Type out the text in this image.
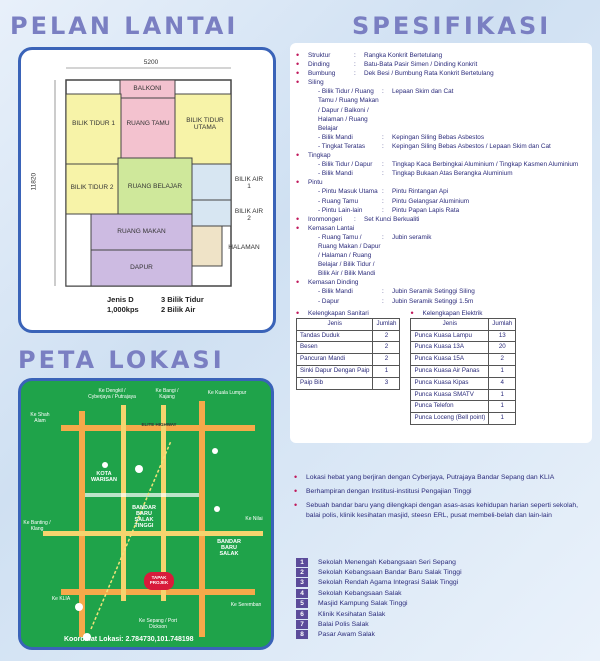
PELAN LANTAI	SPESIFIKASI
PETA LOKASI
5200
11820
BALKONI
BILIK TIDUR 1	RUANG TAMU	BILIK TIDUR UTAMA
BILIK TIDUR 2	RUANG BELAJAR
BILIK AIR 1
BILIK AIR 2
RUANG MAKAN
HALAMAN
DAPUR
Jenis D
1,000kps
3 Bilik Tidur
2 Bilik Air
•	Struktur	:	Rangka Konkrit Bertetulang
•	Dinding	:	Batu-Bata Pasir Simen / Dinding Konkrit
•	Bumbung	:	Dek Besi / Bumbung Rata Konkrit Bertetulang
•	Siling
- Bilik Tidur / Ruang Tamu / Ruang Makan / Dapur / Balkoni / Halaman / Ruang Belajar
:	Lepaan Skim dan Cat
- Bilik Mandi	:	Kepingan Siling Bebas Asbestos
- Tingkat Teratas	:	Kepingan Siling Bebas Asbestos / Lepaan Skim dan Cat
•	Tingkap
- Bilik Tidur / Dapur	:	Tingkap Kaca Berbingkai Aluminium / Tingkap Kasmen Aluminium
- Bilik Mandi	:	Tingkap Bukaan Atas Berangka Aluminium
•	Pintu
- Pintu Masuk Utama :	Pintu Rintangan Api
- Ruang Tamu	:	Pintu Gelangsar Aluminium
- Pintu Lain-lain	:	Pintu Papan Lapis Rata
•	Ironmongeri	:	Set Kunci Berkualiti
•	Kemasan Lantai
- Ruang Tamu / Ruang Makan / Dapur / Halaman / Ruang Belajar / Bilik Tidur / Bilik Air / Bilik Mandi
:	Jubin seramik
•	Kemasan Dinding
- Bilik Mandi	:	Jubin Seramik Setinggi Siling
- Dapur	:	Jubin Seramik Setinggi 1.5m
•	Kelengkapan Sanitari
Jenis	Jumlah
Tandas Duduk	2
Besen	2
Pancuran Mandi	2
Sinki Dapur Dengan Paip	1
Paip Bib	3
•	Kelengkapan Elektrik
Jenis	Jumlah
Punca Kuasa Lampu	13
Punca Kuasa 13A	20
Punca Kuasa 15A	2
Punca Kuasa Air Panas	1
Punca Kuasa Kipas	4
Punca Kuasa SMATV	1
Punca Telefon	1
Punca Loceng (Bell point)	1
•	Lokasi hebat yang berjiran dengan Cyberjaya, Putrajaya Bandar Sepang dan KLIA
•	Berhampiran dengan Institusi-institusi Pengajian Tinggi
•	Sebuah bandar baru yang dilengkapi dengan asas-asas kehidupan harian seperti sekolah, balai polis, klinik kesihatan masjid, steesn ERL, pusat membeli-belah dan lain-lain
1	Sekolah Menengah Kebangsaan Seri Sepang
2	Sekolah Kebangsaan Bandar Baru Salak Tinggi
3	Sekolah Rendah Agama Integrasi Salak Tinggi
4	Sekolah Kebangsaan Salak
5	Masjid Kampung Salak Tinggi
6	Klinik Kesihatan Salak
7	Balai Polis Salak
8	Pasar Awam Salak
ELITE HIGHWAY
Ke Dengkil / Cyberjaya / Putrajaya
Ke Bangi / Kajang
Ke Kuala Lumpur
Ke Shah Alam
Ke Banting / Klang
Ke KLIA
Ke Nilai
Ke Seremban
Ke Sepang / Port Dickson
KOTA WARISAN
BANDAR BARU SALAK TINGGI
BANDAR BARU SALAK
TAPAK PROJEK
Koordinat Lokasi: 2.784730,101.748198
